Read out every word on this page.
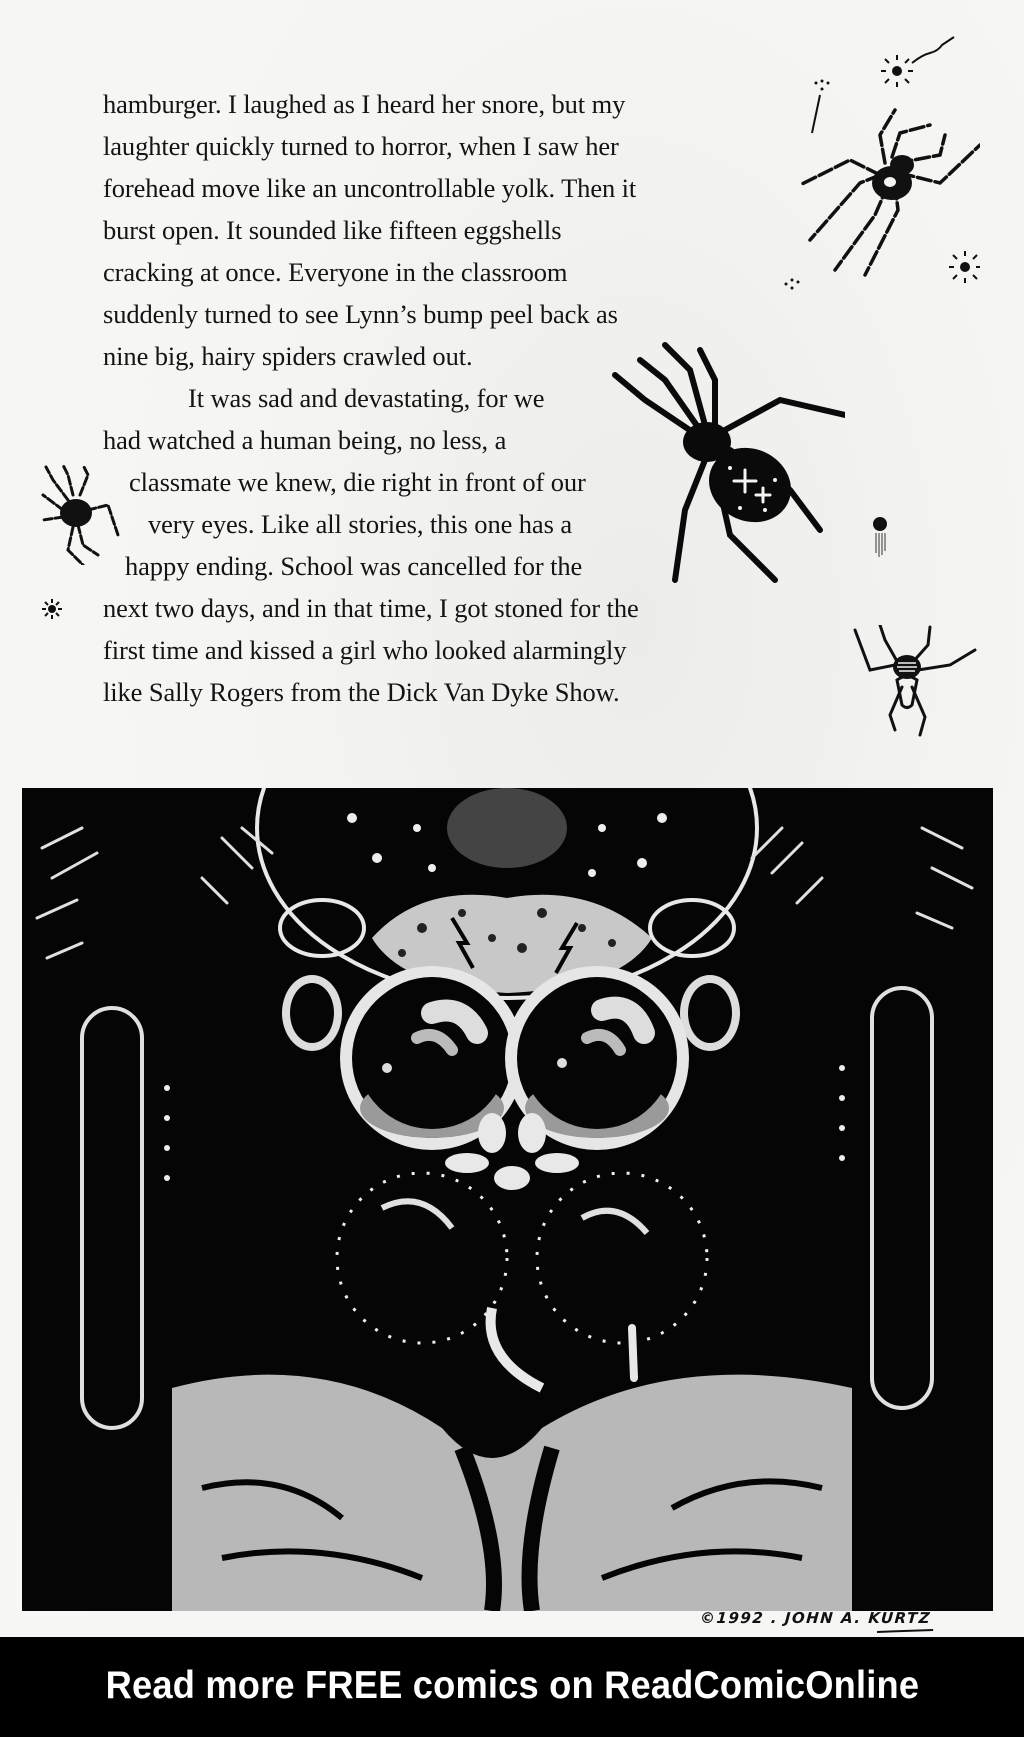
hamburger. I laughed as I heard her snore, but my
laughter quickly turned to horror, when I saw her
forehead move like an uncontrollable yolk. Then it
burst open. It sounded like fifteen eggshells
cracking at once. Everyone in the classroom
suddenly turned to see Lynn’s bump peel back as
nine big, hairy spiders crawled out.
It was sad and devastating, for we
had watched a human being, no less, a
classmate we knew, die right in front of our
very eyes. Like all stories, this one has a
happy ending. School was cancelled for the
next two days, and in that time, I got stoned for the
first time and kissed a girl who looked alarmingly
like Sally Rogers from the Dick Van Dyke Show.
©1992 . JOHN A. KURTZ
Read more FREE comics on ReadComicOnline
